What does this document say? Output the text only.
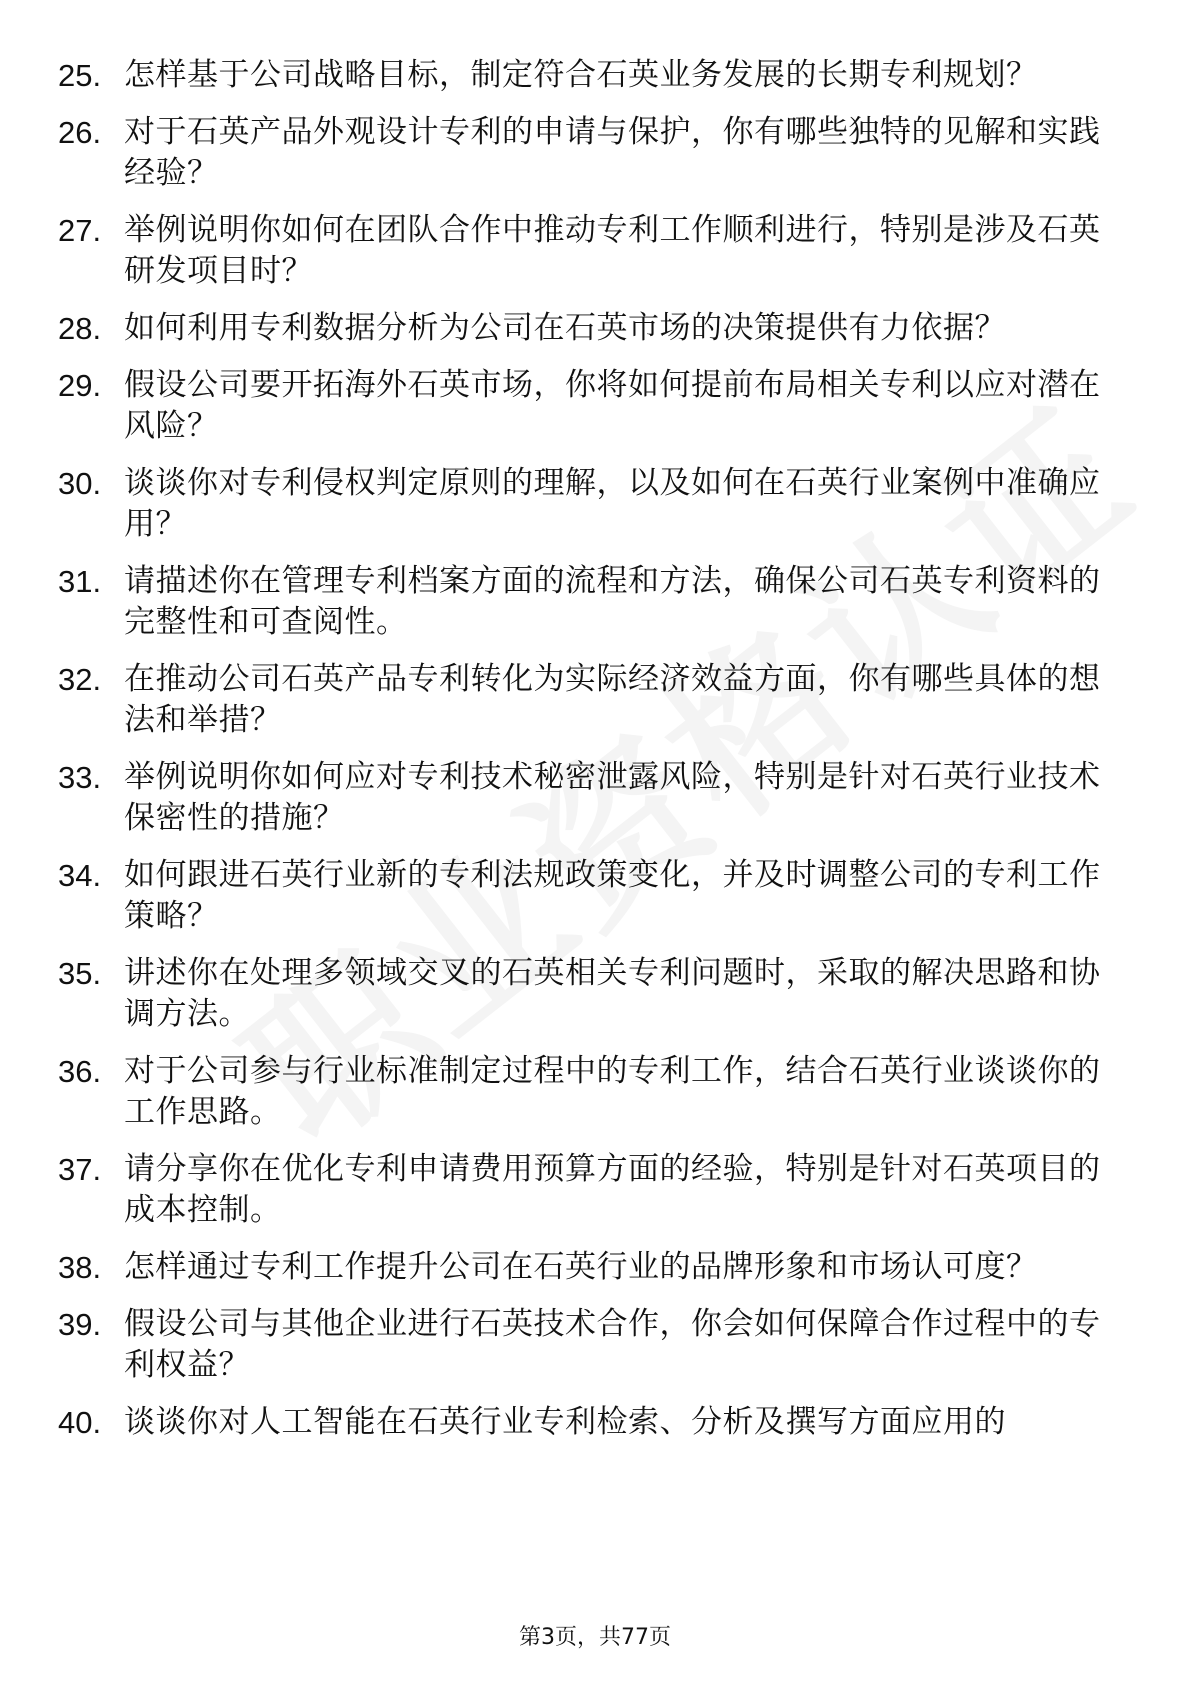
25. 怎样基于公司战略目标，制定符合石英业务发展的长期专利规划？
26. 对于石英产品外观设计专利的申请与保护，你有哪些独特的见解和实践经验？
27. 举例说明你如何在团队合作中推动专利工作顺利进行，特别是涉及石英研发项目时？
28. 如何利用专利数据分析为公司在石英市场的决策提供有力依据？
29. 假设公司要开拓海外石英市场，你将如何提前布局相关专利以应对潜在风险？
30. 谈谈你对专利侵权判定原则的理解，以及如何在石英行业案例中准确应用？
31. 请描述你在管理专利档案方面的流程和方法，确保公司石英专利资料的完整性和可查阅性。
32. 在推动公司石英产品专利转化为实际经济效益方面，你有哪些具体的想法和举措？
33. 举例说明你如何应对专利技术秘密泄露风险，特别是针对石英行业技术保密性的措施？
34. 如何跟进石英行业新的专利法规政策变化，并及时调整公司的专利工作策略？
35. 讲述你在处理多领域交叉的石英相关专利问题时，采取的解决思路和协调方法。
36. 对于公司参与行业标准制定过程中的专利工作，结合石英行业谈谈你的工作思路。
37. 请分享你在优化专利申请费用预算方面的经验，特别是针对石英项目的成本控制。
38. 怎样通过专利工作提升公司在石英行业的品牌形象和市场认可度？
39. 假设公司与其他企业进行石英技术合作，你会如何保障合作过程中的专利权益？
40. 谈谈你对人工智能在石英行业专利检索、分析及撰写方面应用的
第3页，共77页
